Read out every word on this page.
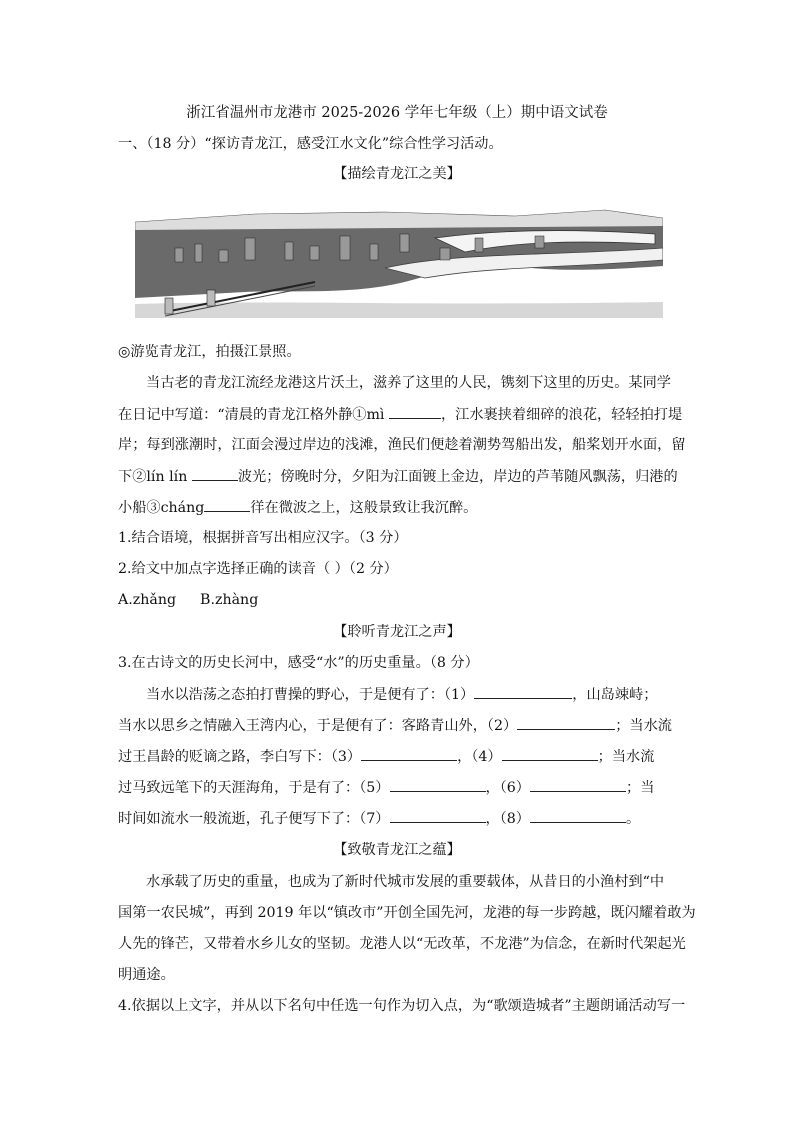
浙江省温州市龙港市 2025-2026 学年七年级（上）期中语文试卷
一、（18 分）“探访青龙江，感受江水文化”综合性学习活动。
【描绘青龙江之美】
◎游览青龙江，拍摄江景照。
当古老的青龙江流经龙港这片沃土，滋养了这里的人民，镌刻下这里的历史。某同学
在日记中写道：“清晨的青龙江格外静①mì	，江水裹挟着细碎的浪花，轻轻拍打堤
岸；每到涨潮时，江面会漫过岸边的浅滩，渔民们便趁着潮势驾船出发，船桨划开水面，留
下②lín lín	波光；傍晚时分，夕阳为江面镀上金边，岸边的芦苇随风飘荡，归港的
小船③cháng	徉在微波之上，这般景致让我沉醉。
1.结合语境，根据拼音写出相应汉字。（3 分）
2.给文中加点字选择正确的读音（ ）（2 分）
A.zhǎng B.zhàng
【聆听青龙江之声】
3.在古诗文的历史长河中，感受“水”的历史重量。（8 分）
当水以浩荡之态拍打曹操的野心，于是便有了：（1）	，山岛竦峙；
当水以思乡之情融入王湾内心，于是便有了：客路青山外，（2）	；当水流
过王昌龄的贬谪之路，李白写下：（3）	，（4）	；当水流
过马致远笔下的天涯海角，于是有了：（5）	，（6）	；当
时间如流水一般流逝，孔子便写下了：（7）	，（8）	。
【致敬青龙江之蕴】
水承载了历史的重量，也成为了新时代城市发展的重要载体，从昔日的小渔村到“中
国第一农民城”，再到 2019 年以“镇改市”开创全国先河，龙港的每一步跨越，既闪耀着敢为
人先的锋芒，又带着水乡儿女的坚韧。龙港人以“无改革，不龙港”为信念，在新时代架起光
明通途。
4.依据以上文字，并从以下名句中任选一句作为切入点，为“歌颂造城者”主题朗诵活动写一
